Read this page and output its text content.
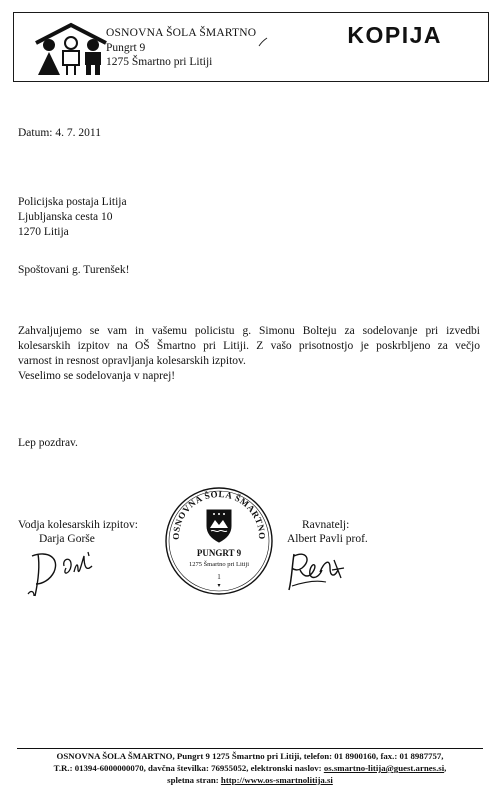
OSNOVNA ŠOLA ŠMARTNO
Pungrt 9
1275 Šmartno pri Litiji
KOPIJA
Datum: 4. 7. 2011
Policijska postaja Litija
Ljubljanska cesta 10
1270 Litija
Spoštovani g. Turenšek!
Zahvaljujemo se vam in vašemu policistu g. Simonu Bolteju za sodelovanje pri izvedbi
kolesarskih izpitov na OŠ Šmartno pri Litiji. Z vašo prisotnostjo je poskrbljeno za večjo
varnost in resnost opravljanja kolesarskih izpitov.
Veselimo se sodelovanja v naprej!
Lep pozdrav.
Vodja kolesarskih izpitov:
Darja Gorše	OSNOVNA ŠOLA ŠMARTNO
PUNGRT 9
1275 Šmartno pri Litiji
1
▾
Ravnatelj:
Albert Pavli prof.
OSNOVNA ŠOLA ŠMARTNO, Pungrt 9 1275 Šmartno pri Litiji, telefon: 01 8900160, fax.: 01 8987757,
T.R.: 01394-6000000070, davčna številka: 76955052, elektronski naslov: os.smartno-litija@guest.arnes.si,
spletna stran: http://www.os-smartnolitija.si
